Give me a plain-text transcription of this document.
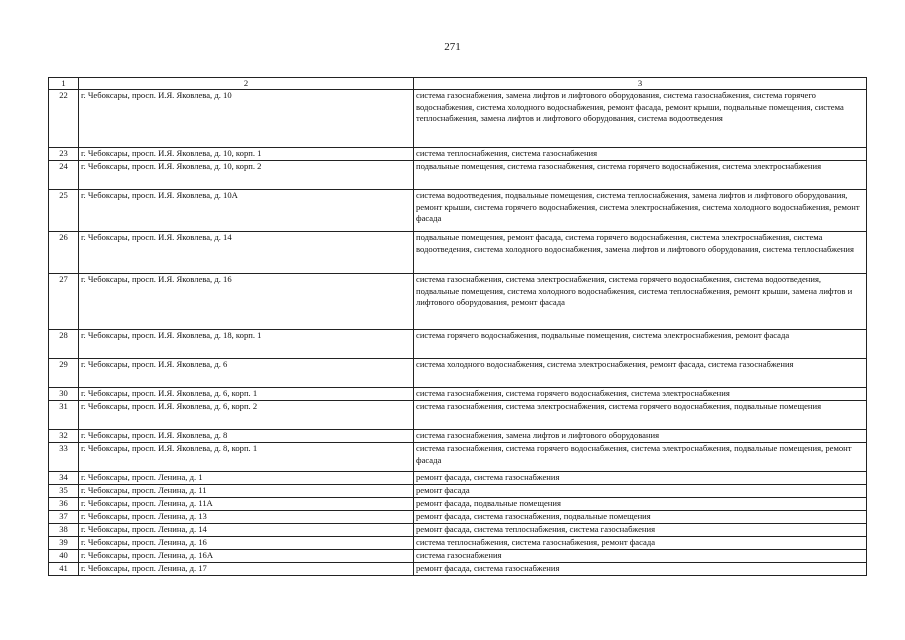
271
1	2	3
22	г. Чебоксары, просп. И.Я. Яковлева, д. 10	система газоснабжения, замена лифтов и лифтового оборудования, система газоснабжения, система горячего водоснабжения, система холодного водоснабжения, ремонт фасада, ремонт крыши, подвальные помещения, система теплоснабжения, замена лифтов и лифтового оборудования, система водоотведения
23	г. Чебоксары, просп. И.Я. Яковлева, д. 10, корп. 1	система теплоснабжения, система газоснабжения
24	г. Чебоксары, просп. И.Я. Яковлева, д. 10, корп. 2	подвальные помещения, система газоснабжения, система горячего водоснабжения, система электроснабжения
25	г. Чебоксары, просп. И.Я. Яковлева, д. 10А	система водоотведения, подвальные помещения, система теплоснабжения, замена лифтов и лифтового оборудования, ремонт крыши, система горячего водоснабжения, система электроснабжения, система холодного водоснабжения, ремонт фасада
26	г. Чебоксары, просп. И.Я. Яковлева, д. 14	подвальные помещения, ремонт фасада, система горячего водоснабжения, система электроснабжения, система водоотведения, система холодного водоснабжения, замена лифтов и лифтового оборудования, система теплоснабжения
27	г. Чебоксары, просп. И.Я. Яковлева, д. 16	система газоснабжения, система электроснабжения, система горячего водоснабжения, система водоотведения, подвальные помещения, система холодного водоснабжения, система теплоснабжения, ремонт крыши, замена лифтов и лифтового оборудования, ремонт фасада
28	г. Чебоксары, просп. И.Я. Яковлева, д. 18, корп. 1	система горячего водоснабжения, подвальные помещения, система электроснабжения, ремонт фасада
29	г. Чебоксары, просп. И.Я. Яковлева, д. 6	система холодного водоснабжения, система электроснабжения, ремонт фасада, система газоснабжения
30	г. Чебоксары, просп. И.Я. Яковлева, д. 6, корп. 1	система газоснабжения, система горячего водоснабжения, система электроснабжения
31	г. Чебоксары, просп. И.Я. Яковлева, д. 6, корп. 2	система газоснабжения, система электроснабжения, система горячего водоснабжения, подвальные помещения
32	г. Чебоксары, просп. И.Я. Яковлева, д. 8	система газоснабжения, замена лифтов и лифтового оборудования
33	г. Чебоксары, просп. И.Я. Яковлева, д. 8, корп. 1	система газоснабжения, система горячего водоснабжения, система электроснабжения, подвальные помещения, ремонт фасада
34	г. Чебоксары, просп. Ленина, д. 1	ремонт фасада, система газоснабжения
35	г. Чебоксары, просп. Ленина, д. 11	ремонт фасада
36	г. Чебоксары, просп. Ленина, д. 11А	ремонт фасада, подвальные помещения
37	г. Чебоксары, просп. Ленина, д. 13	ремонт фасада, система газоснабжения, подвальные помещения
38	г. Чебоксары, просп. Ленина, д. 14	ремонт фасада, система теплоснабжения, система газоснабжения
39	г. Чебоксары, просп. Ленина, д. 16	система теплоснабжения, система газоснабжения, ремонт фасада
40	г. Чебоксары, просп. Ленина, д. 16А	система газоснабжения
41	г. Чебоксары, просп. Ленина, д. 17	ремонт фасада, система газоснабжения
